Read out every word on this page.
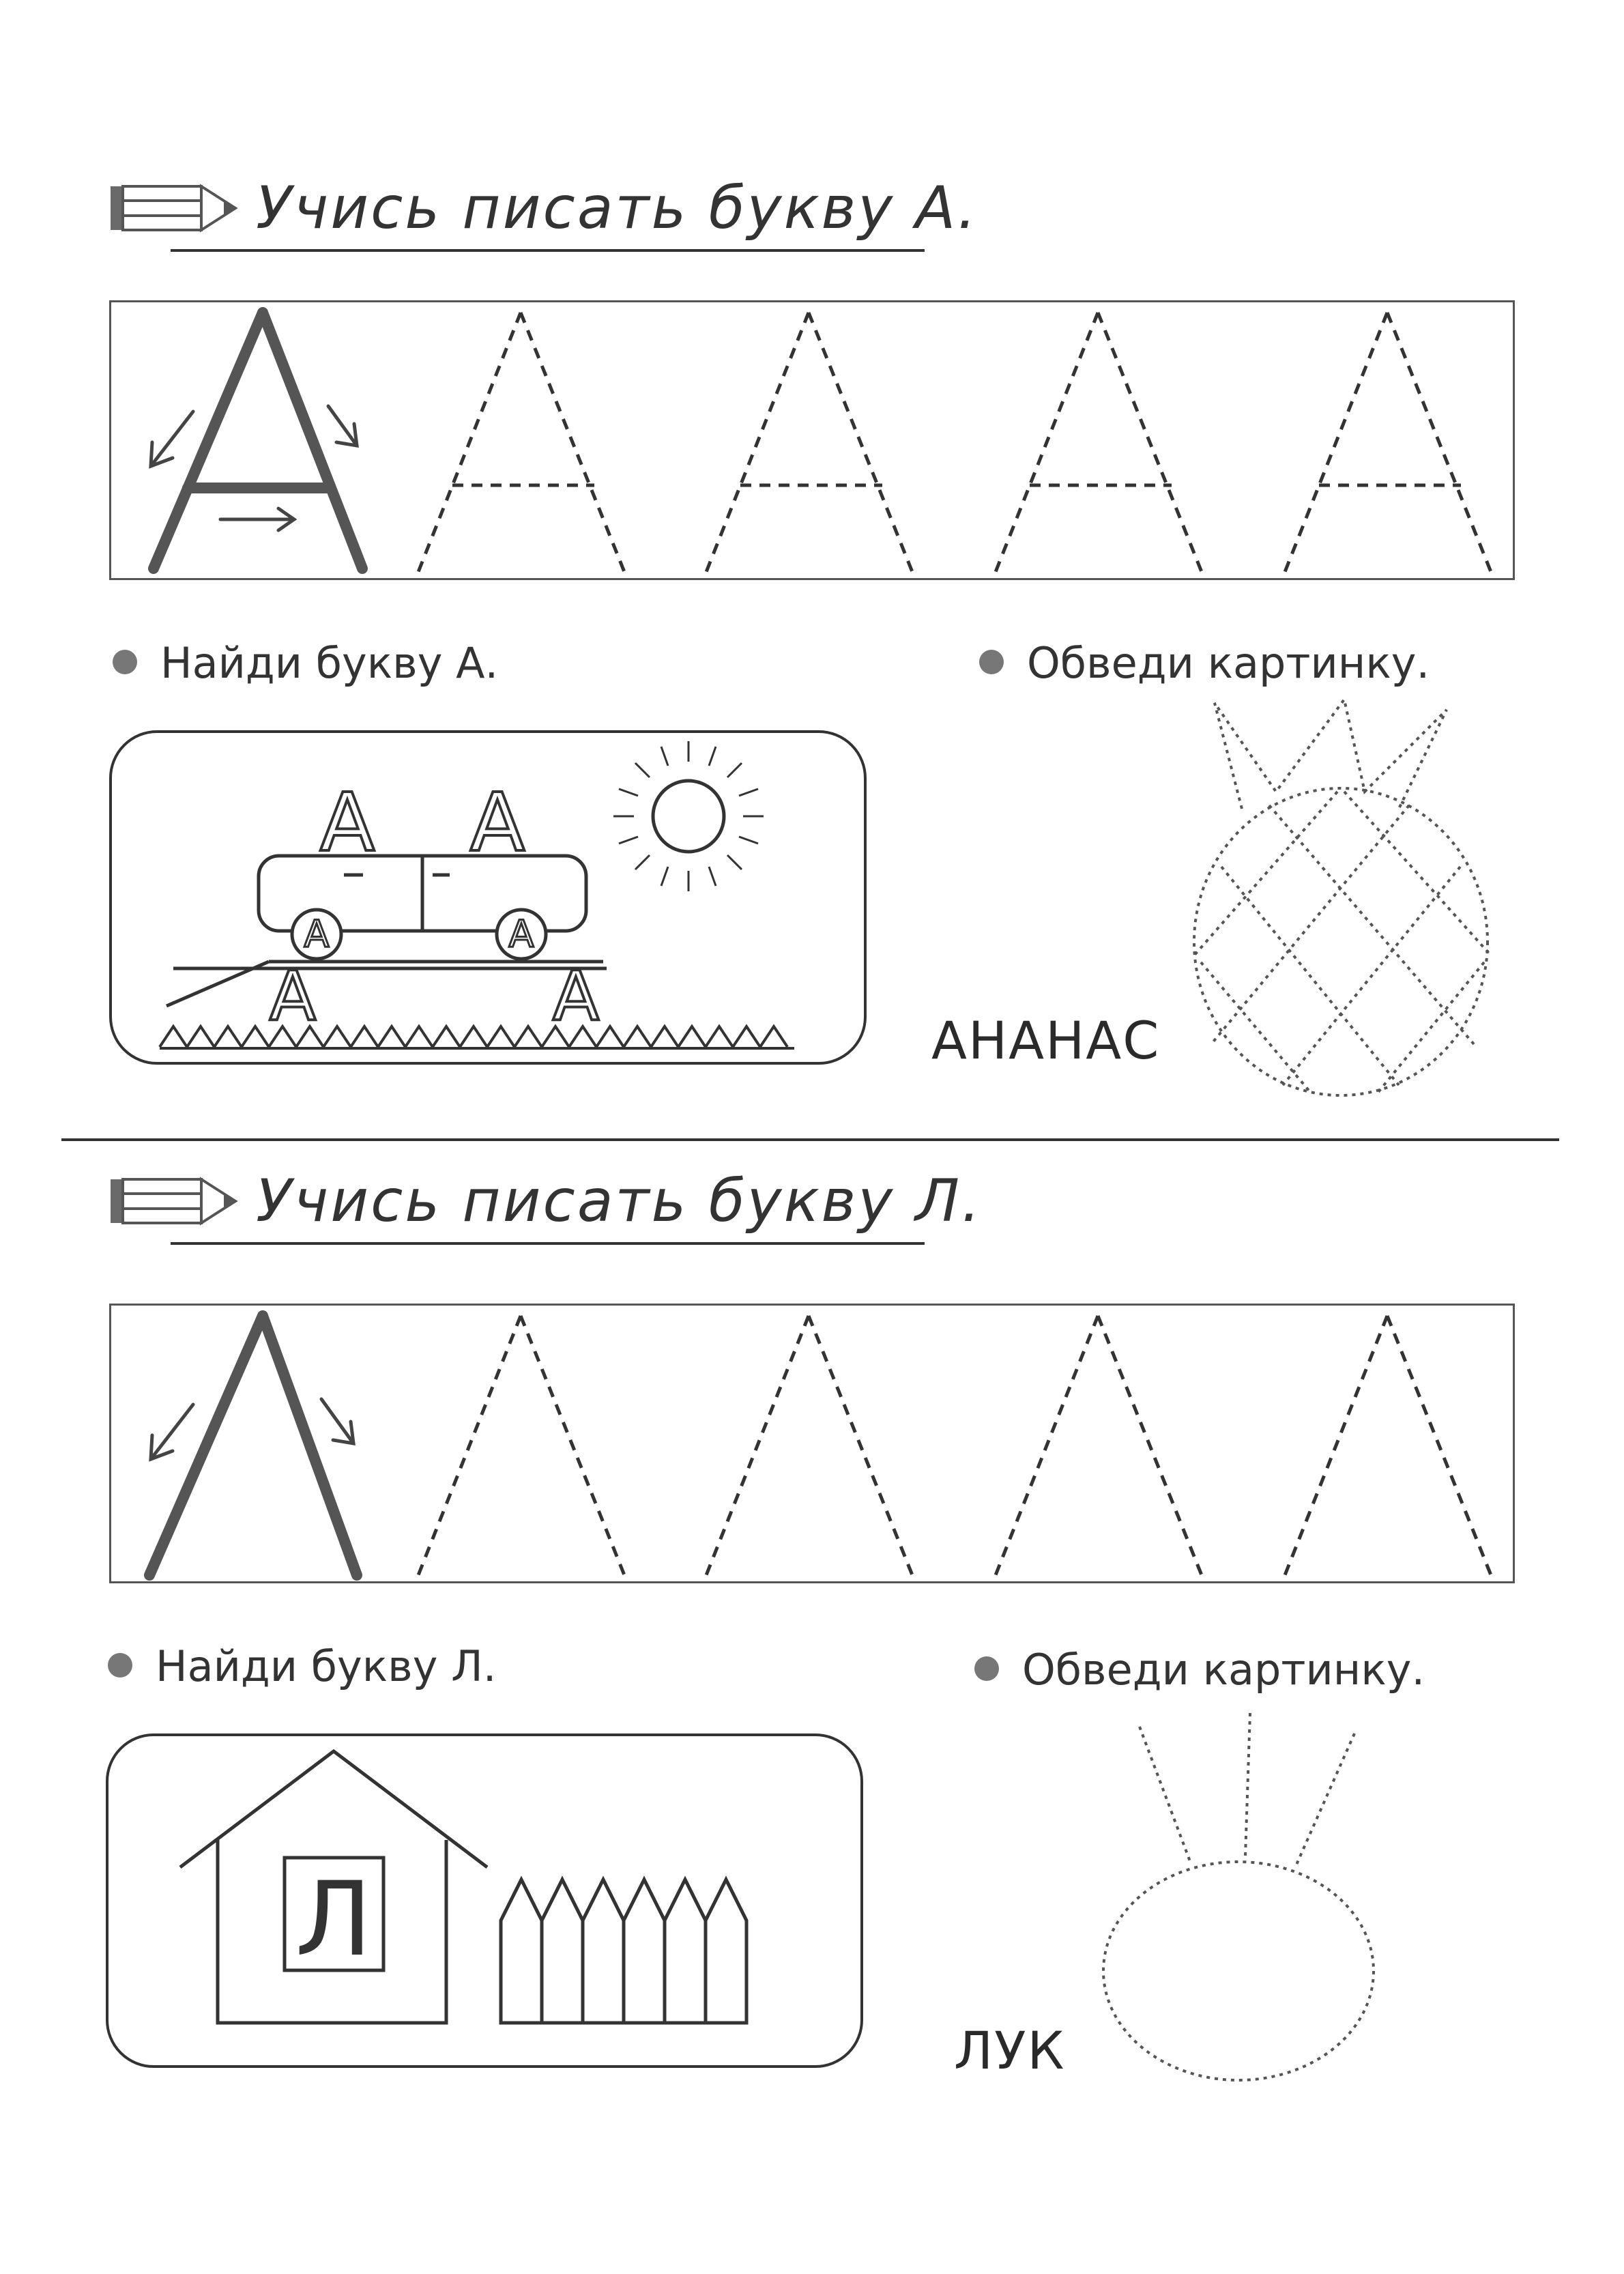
Учись писать букву А.
Найди букву А.	Обведи картинку.
А А
А	А
А	А
АНАНАС
Учись писать букву Л.
Найди букву Л.	Обведи картинку.
Л
ЛУК
